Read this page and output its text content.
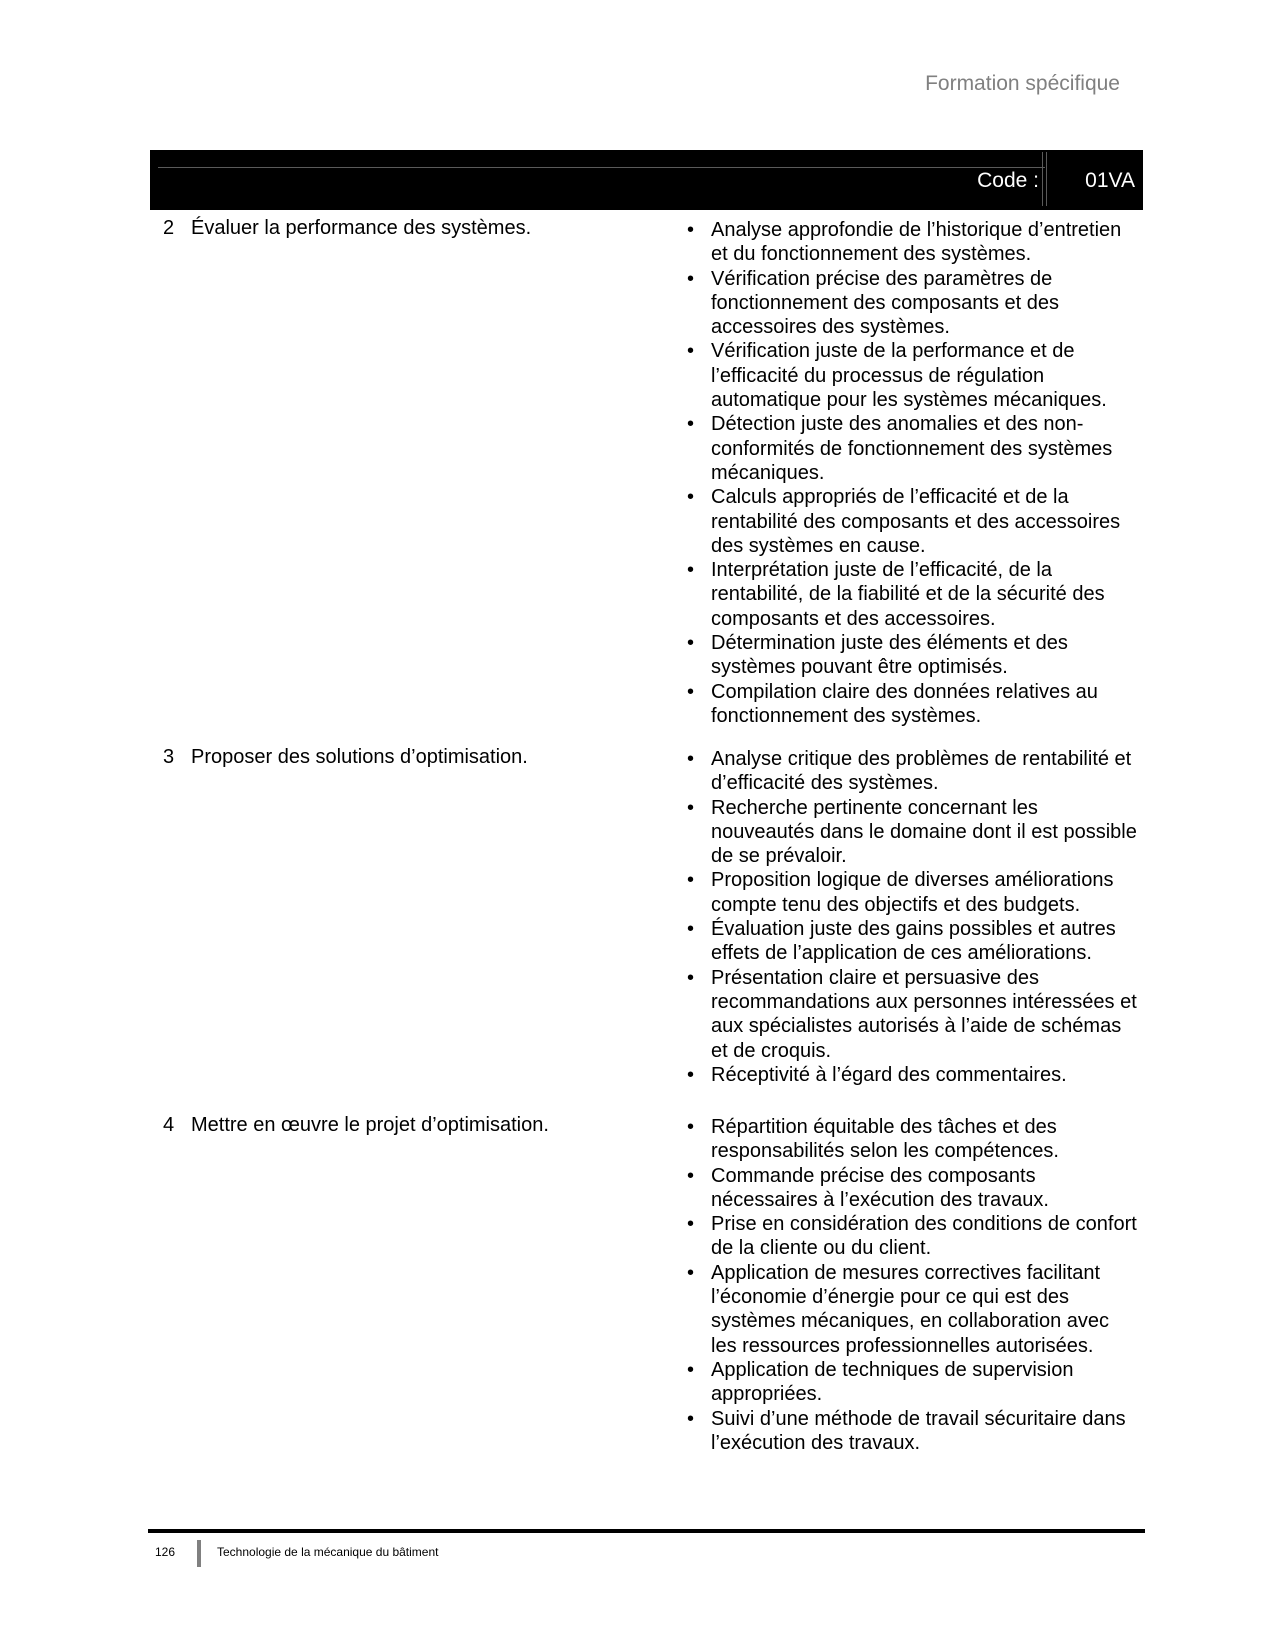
Formation spécifique
Code : 01VA
2 Évaluer la performance des systèmes.	• Analyse approfondie de l’historique d’entretien et du fonctionnement des systèmes.
• Vérification précise des paramètres de fonctionnement des composants et des accessoires des systèmes.
• Vérification juste de la performance et de l’efficacité du processus de régulation automatique pour les systèmes mécaniques.
• Détection juste des anomalies et des non-conformités de fonctionnement des systèmes mécaniques.
• Calculs appropriés de l’efficacité et de la rentabilité des composants et des accessoires des systèmes en cause.
• Interprétation juste de l’efficacité, de la rentabilité, de la fiabilité et de la sécurité des composants et des accessoires.
• Détermination juste des éléments et des systèmes pouvant être optimisés.
• Compilation claire des données relatives au fonctionnement des systèmes.
3 Proposer des solutions d’optimisation.	• Analyse critique des problèmes de rentabilité et d’efficacité des systèmes.
• Recherche pertinente concernant les nouveautés dans le domaine dont il est possible de se prévaloir.
• Proposition logique de diverses améliorations compte tenu des objectifs et des budgets.
• Évaluation juste des gains possibles et autres effets de l’application de ces améliorations.
• Présentation claire et persuasive des recommandations aux personnes intéressées et aux spécialistes autorisés à l’aide de schémas et de croquis.
• Réceptivité à l’égard des commentaires.
4 Mettre en œuvre le projet d’optimisation.	• Répartition équitable des tâches et des responsabilités selon les compétences.
• Commande précise des composants nécessaires à l’exécution des travaux.
• Prise en considération des conditions de confort de la cliente ou du client.
• Application de mesures correctives facilitant l’économie d’énergie pour ce qui est des systèmes mécaniques, en collaboration avec les ressources professionnelles autorisées.
• Application de techniques de supervision appropriées.
• Suivi d’une méthode de travail sécuritaire dans l’exécution des travaux.
126	Technologie de la mécanique du bâtiment
